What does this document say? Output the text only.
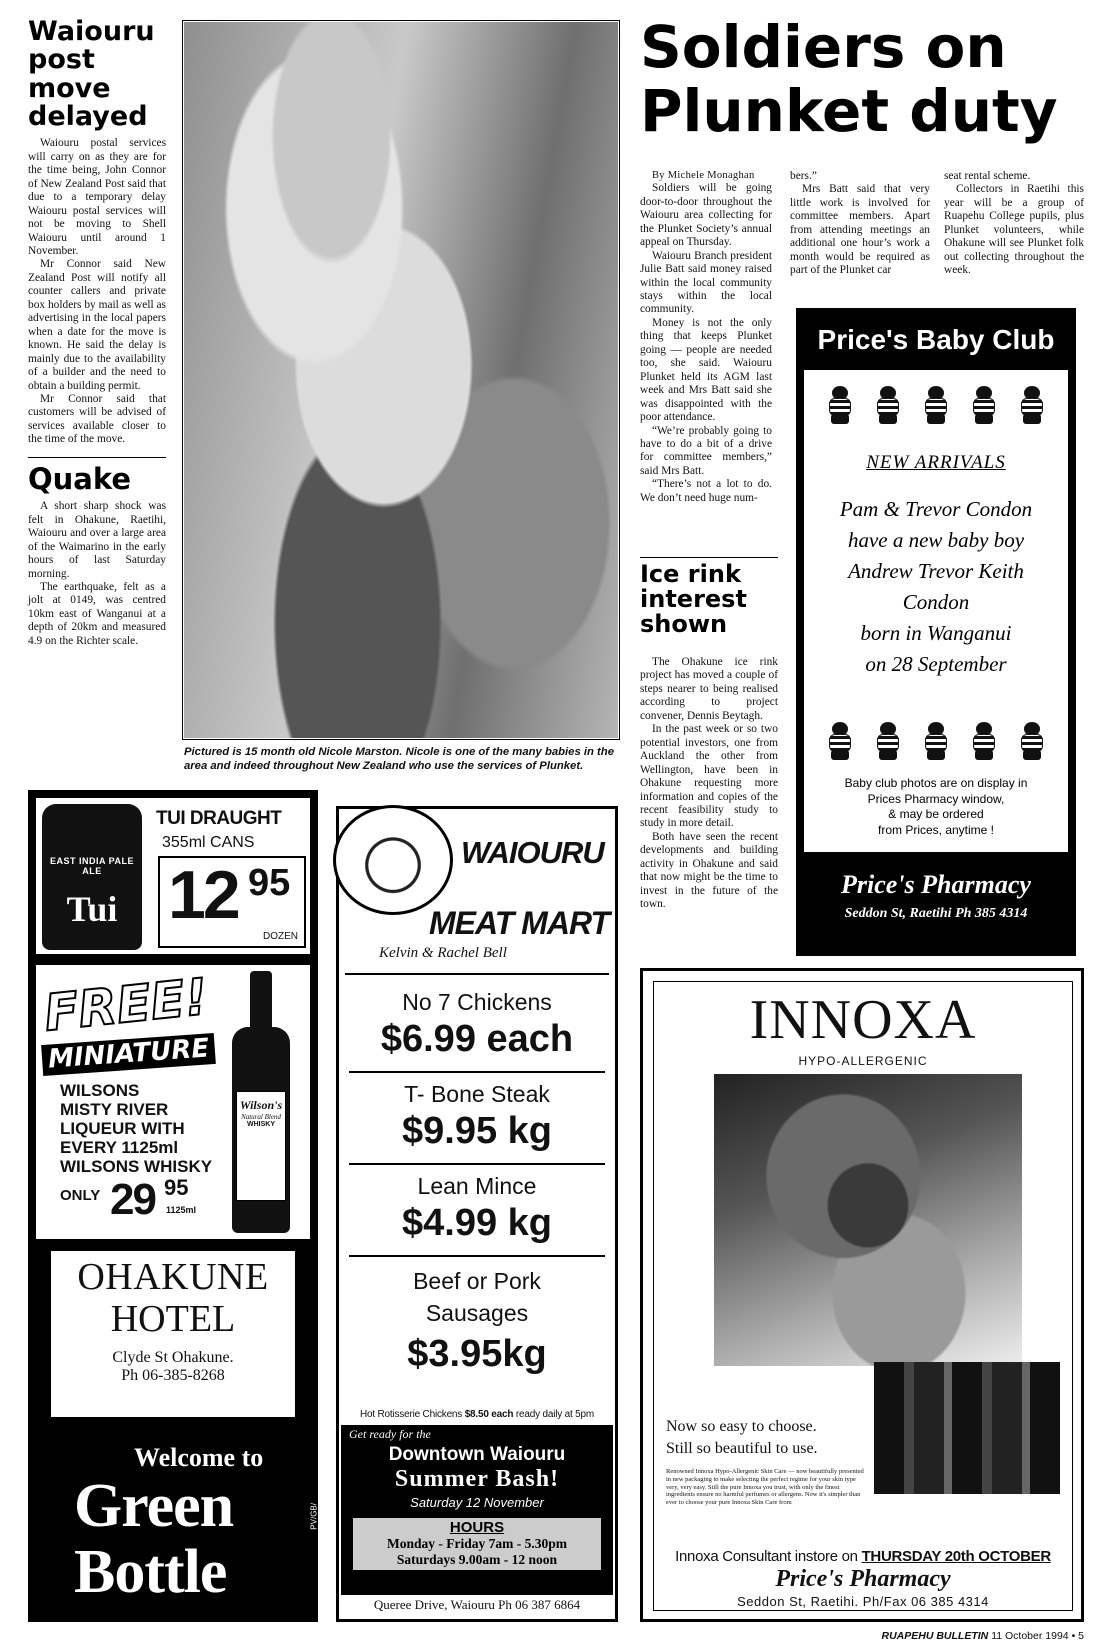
Waiouru post move delayed

Waiouru postal services will carry on as they are for the time being, John Connor of New Zealand Post said that due to a temporary delay Waiouru postal services will not be moving to Shell Waiouru until around 1 November.

Mr Connor said New Zealand Post will notify all counter callers and private box holders by mail as well as advertising in the local papers when a date for the move is known. He said the delay is mainly due to the availability of a builder and the need to obtain a building permit.

Mr Connor said that customers will be advised of services available closer to the time of the move.

Quake

A short sharp shock was felt in Ohakune, Raetihi, Waiouru and over a large area of the Waimarino in the early hours of last Saturday morning.

The earthquake, felt as a jolt at 0149, was centred 10km east of Wanganui at a depth of 20km and measured 4.9 on the Richter scale.

Pictured is 15 month old Nicole Marston. Nicole is one of the many babies in the area and indeed throughout New Zealand who use the services of Plunket.
Soldiers on Plunket duty
By Michele Monaghan

Soldiers will be going door-to-door throughout the Waiouru area collecting for the Plunket Society’s annual appeal on Thursday.

Waiouru Branch president Julie Batt said money raised within the local community stays within the local community.

Money is not the only thing that keeps Plunket going — people are needed too, she said. Waiouru Plunket held its AGM last week and Mrs Batt said she was disappointed with the poor attendance.

“We’re probably going to have to do a bit of a drive for committee members,” said Mrs Batt.

“There’s not a lot to do. We don’t need huge num-

bers.”

Mrs Batt said that very little work is involved for committee members. Apart from attending meetings an additional one hour’s work a month would be required as part of the Plunket car

seat rental scheme.

Collectors in Raetihi this year will be a group of Ruapehu College pupils, plus Plunket volunteers, while Ohakune will see Plunket folk out collecting throughout the week.

Ice rink interest shown

The Ohakune ice rink project has moved a couple of steps nearer to being realised according to project convener, Dennis Beytagh.

In the past week or so two potential investors, one from Auckland the other from Wellington, have been in Ohakune requesting more information and copies of the recent feasibility study to study in more detail.

Both have seen the recent developments and building activity in Ohakune and said that now might be the time to invest in the future of the town.

Price's Baby Club

NEW ARRIVALS
Pam & Trevor Condon
have a new baby boy
Andrew Trevor Keith
Condon
born in Wanganui
on 28 September

Baby club photos are on display in
Prices Pharmacy window,
& may be ordered
from Prices, anytime !
Price's Pharmacy
Seddon St, Raetihi Ph 385 4314
EAST INDIA PALE ALE
Tui
TUI DRAUGHT
355ml CANS
12 95
DOZEN
FREE!
MINIATURE
WILSONS
MISTY RIVER
LIQUEUR WITH
EVERY 1125ml
WILSONS WHISKY
ONLY 29 95
1125ml
Wilson's
Natural Blend
WHISKY
OHAKUNE
HOTEL
Clyde St Ohakune.
Ph 06-385-8268
Welcome to
Green
Bottle
PV/GB/
WAIOURU
MEAT MART
Kelvin & Rachel Bell
No 7 Chickens
$6.99 each
T- Bone Steak
$9.95 kg
Lean Mince
$4.99 kg
Beef or Pork Sausages
$3.95kg
Hot Rotisserie Chickens $8.50 each ready daily at 5pm
Get ready for the
Downtown Waiouru
Summer Bash!
Saturday 12 November
HOURS
Monday - Friday 7am - 5.30pm
Saturdays 9.00am - 12 noon
Queree Drive, Waiouru Ph 06 387 6864
INNOXA
HYPO-ALLERGENIC
Now so easy to choose.
Still so beautiful to use.
Renowned Innoxa Hypo-Allergenic Skin Care — now beautifully presented in new packaging to make selecting the perfect regime for your skin type very, very easy. Still the pure Innoxa you trust, with only the finest ingredients ensure no harmful perfumes or allergens. Now it's simpler than ever to choose your pure Innoxa Skin Care from
Innoxa Consultant instore on THURSDAY 20th OCTOBER
Price's Pharmacy
Seddon St, Raetihi. Ph/Fax 06 385 4314
RUAPEHU BULLETIN 11 October 1994 • 5
